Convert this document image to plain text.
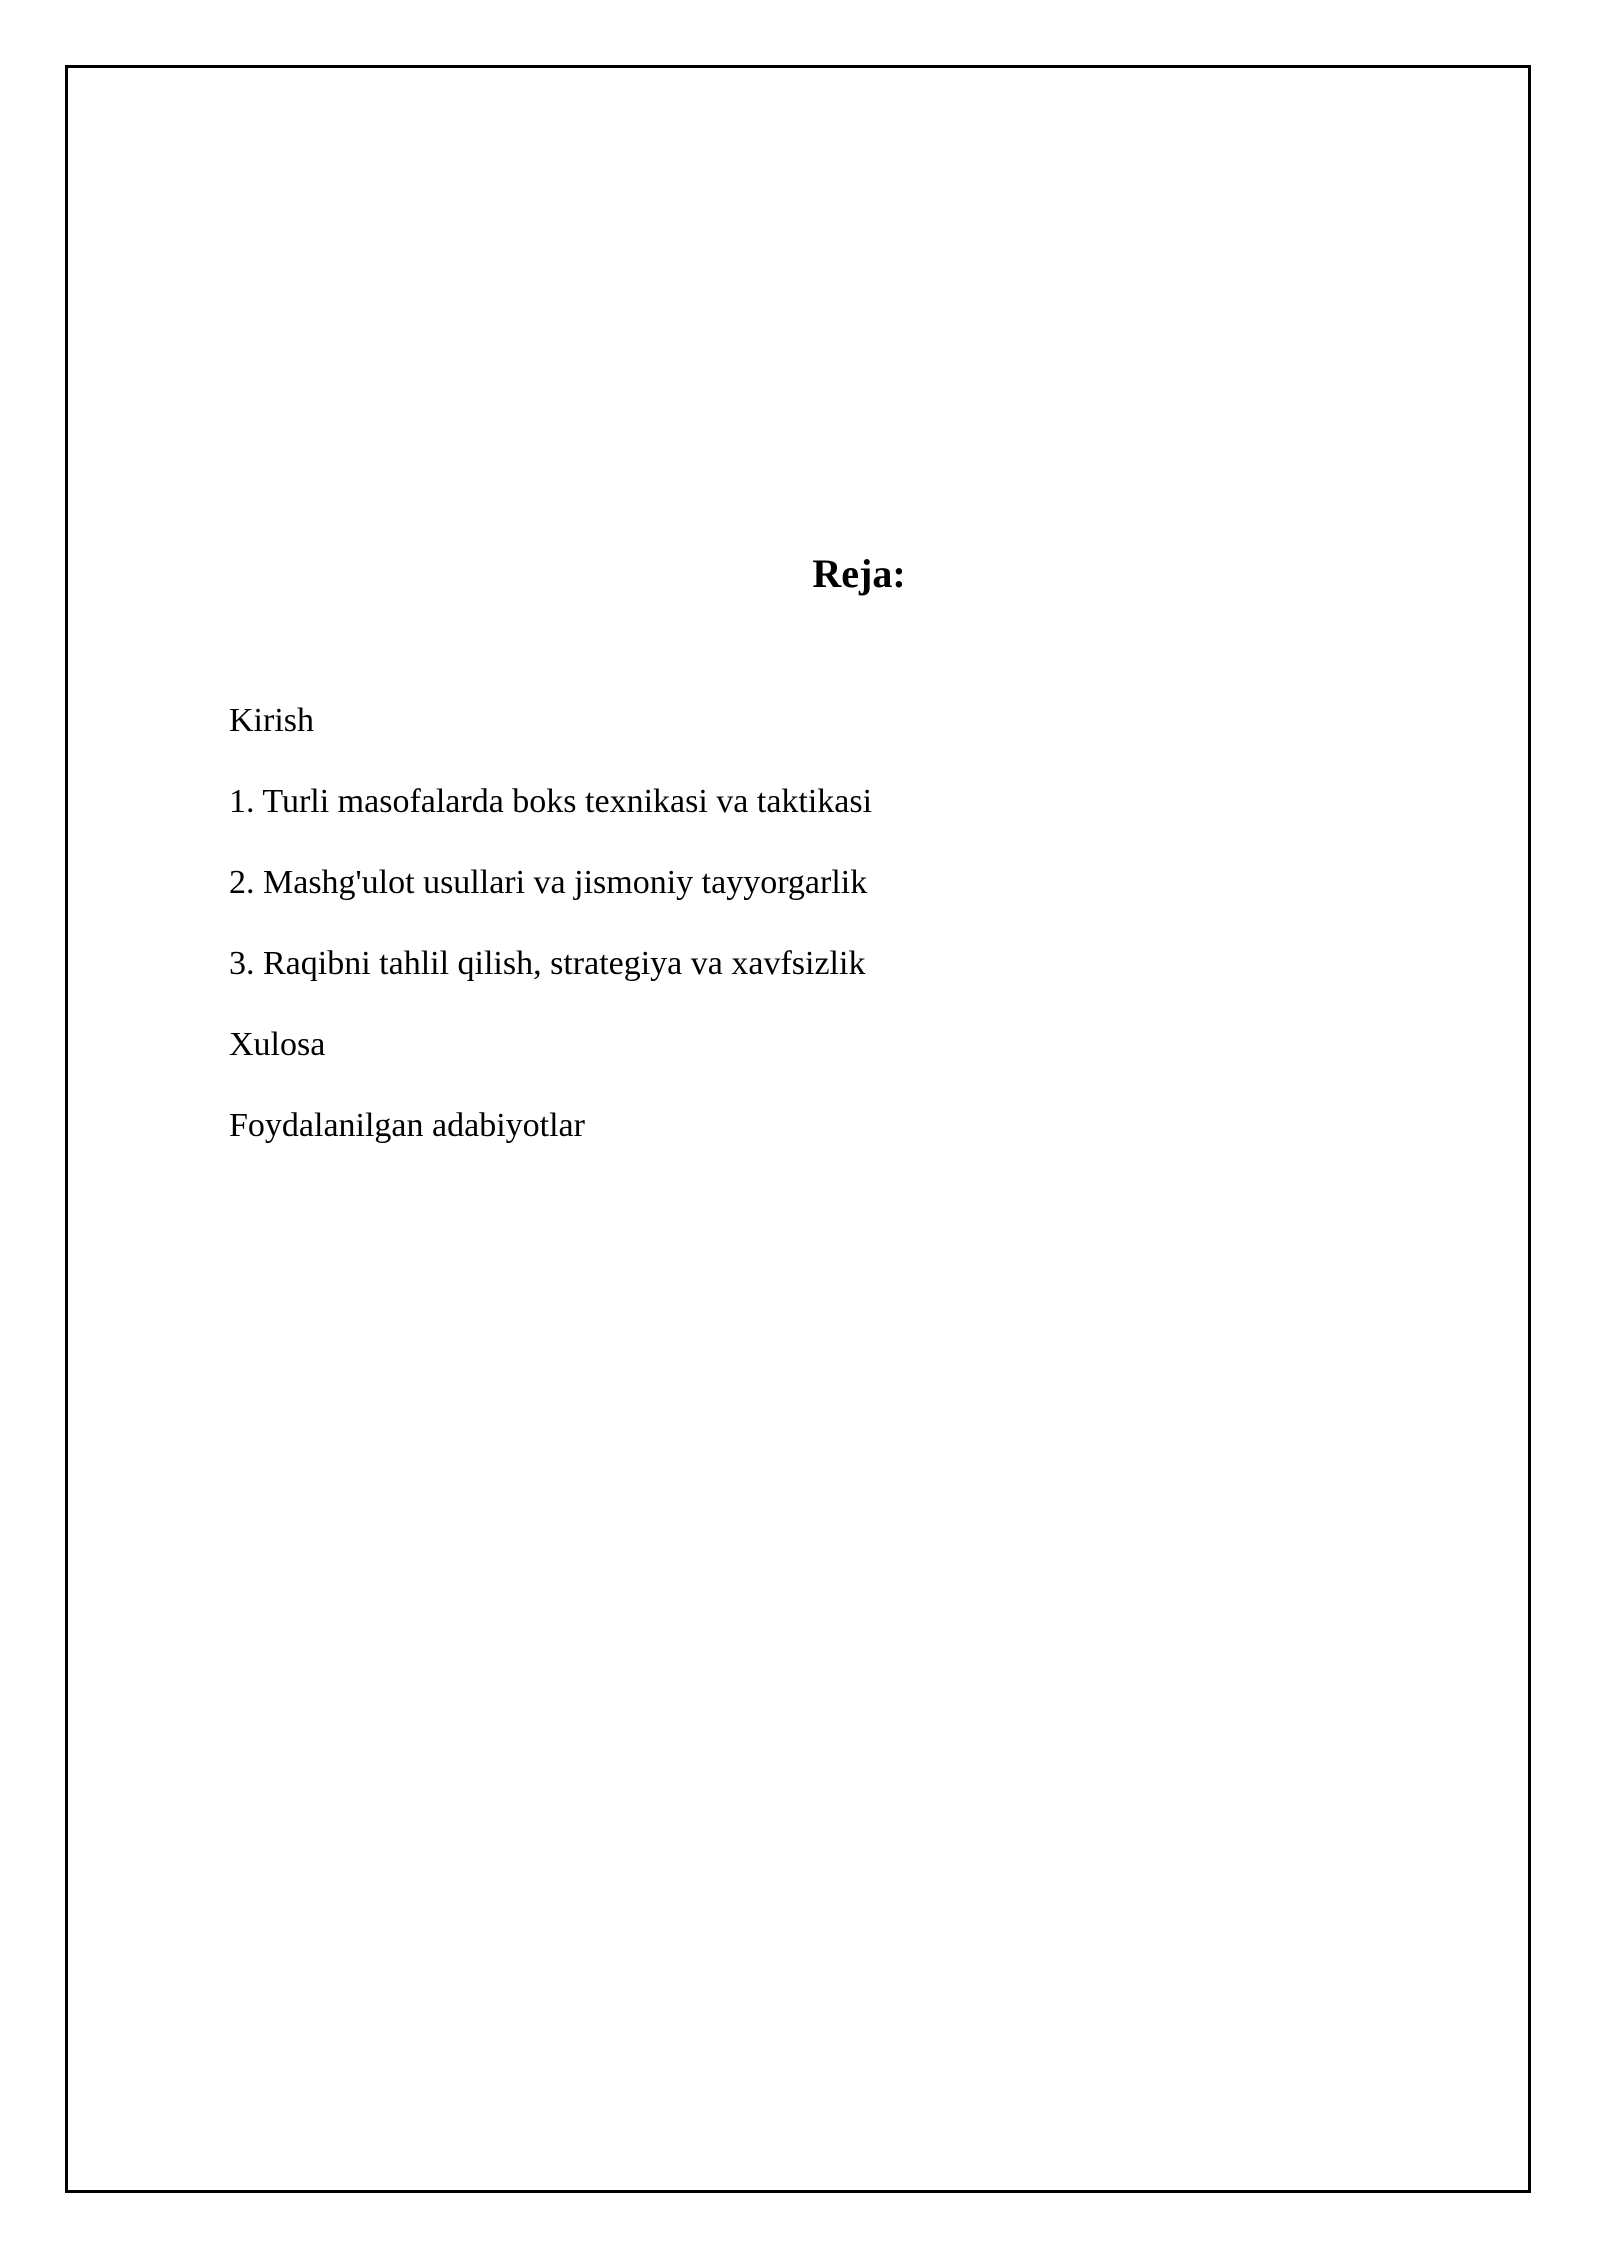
Reja:
Kirish
1. Turli masofalarda boks texnikasi va taktikasi
2. Mashg'ulot usullari va jismoniy tayyorgarlik
3. Raqibni tahlil qilish, strategiya va xavfsizlik
Xulosa
Foydalanilgan adabiyotlar
